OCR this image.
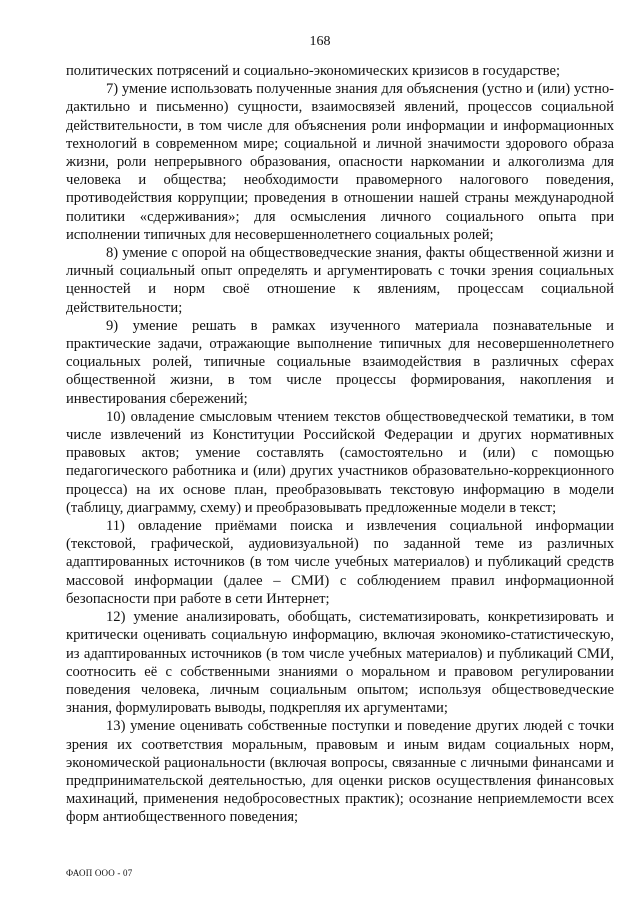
168

политических потрясений и социально-экономических кризисов в государстве;

7) умение использовать полученные знания для объяснения (устно и (или) устно-дактильно и письменно) сущности, взаимосвязей явлений, процессов социальной действительности, в том числе для объяснения роли информации и информационных технологий в современном мире; социальной и личной значимости здорового образа жизни, роли непрерывного образования, опасности наркомании и алкоголизма для человека и общества; необходимости правомерного налогового поведения, противодействия коррупции; проведения в отношении нашей страны международной политики «сдерживания»; для осмысления личного социального опыта при исполнении типичных для несовершеннолетнего социальных ролей;

8) умение с опорой на обществоведческие знания, факты общественной жизни и личный социальный опыт определять и аргументировать с точки зрения социальных ценностей и норм своё отношение к явлениям, процессам социальной действительности;

9) умение решать в рамках изученного материала познавательные и практические задачи, отражающие выполнение типичных для несовершеннолетнего социальных ролей, типичные социальные взаимодействия в различных сферах общественной жизни, в том числе процессы формирования, накопления и инвестирования сбережений;

10) овладение смысловым чтением текстов обществоведческой тематики, в том числе извлечений из Конституции Российской Федерации и других нормативных правовых актов; умение составлять (самостоятельно и (или) с помощью педагогического работника и (или) других участников образовательно-коррекционного процесса) на их основе план, преобразовывать текстовую информацию в модели (таблицу, диаграмму, схему) и преобразовывать предложенные модели в текст;

11) овладение приёмами поиска и извлечения социальной информации (текстовой, графической, аудиовизуальной) по заданной теме из различных адаптированных источников (в том числе учебных материалов) и публикаций средств массовой информации (далее – СМИ) с соблюдением правил информационной безопасности при работе в сети Интернет;

12) умение анализировать, обобщать, систематизировать, конкретизировать и критически оценивать социальную информацию, включая экономико-статистическую, из адаптированных источников (в том числе учебных материалов) и публикаций СМИ, соотносить её с собственными знаниями о моральном и правовом регулировании поведения человека, личным социальным опытом; используя обществоведческие знания, формулировать выводы, подкрепляя их аргументами;

13) умение оценивать собственные поступки и поведение других людей с точки зрения их соответствия моральным, правовым и иным видам социальных норм, экономической рациональности (включая вопросы, связанные с личными финансами и предпринимательской деятельностью, для оценки рисков осуществления финансовых махинаций, применения недобросовестных практик); осознание неприемлемости всех форм антиобщественного поведения;

ФАОП ООО - 07
